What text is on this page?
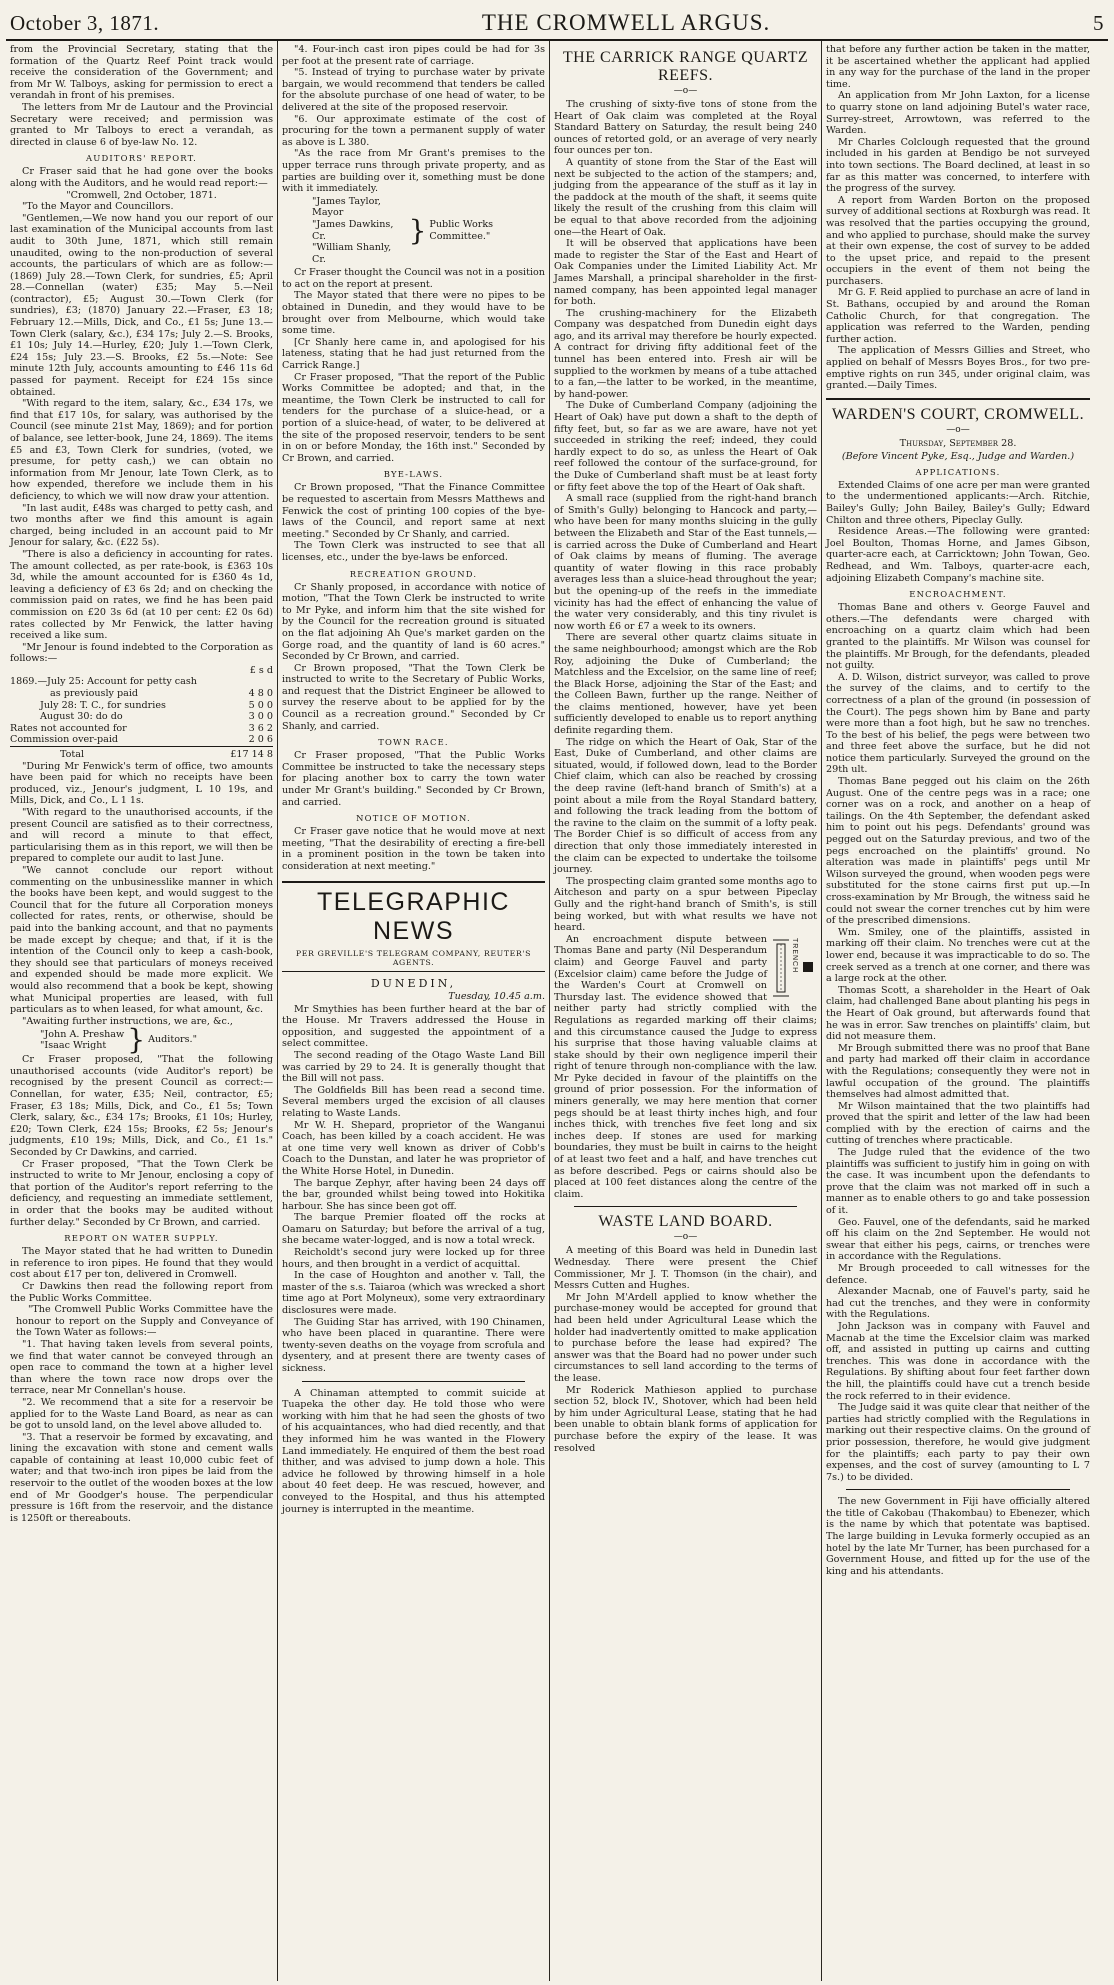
October 3, 1871.	THE CROMWELL ARGUS.	5

from the Provincial Secretary, stating that the formation of the Quartz Reef Point track would receive the consideration of the Government; and from Mr W. Talboys, asking for permission to erect a verandah in front of his premises.

The letters from Mr de Lautour and the Provincial Secretary were received; and permission was granted to Mr Talboys to erect a verandah, as directed in clause 6 of bye-law No. 12.

AUDITORS' REPORT.

Cr Fraser said that he had gone over the books along with the Auditors, and he would read report:—

"Cromwell, 2nd October, 1871.

"To the Mayor and Councillors.

"Gentlemen,—We now hand you our report of our last examination of the Municipal accounts from last audit to 30th June, 1871, which still remain unaudited, owing to the non-production of several accounts, the particulars of which are as follow:—(1869) July 28.—Town Clerk, for sundries, £5; April 28.—Connellan (water) £35; May 5.—Neil (contractor), £5; August 30.—Town Clerk (for sundries), £3; (1870) January 22.—Fraser, £3 18; February 12.—Mills, Dick, and Co., £1 5s; June 13.—Town Clerk (salary, &c.), £34 17s; July 2.—S. Brooks, £1 10s; July 14.—Hurley, £20; July 1.—Town Clerk, £24 15s; July 23.—S. Brooks, £2 5s.—Note: See minute 12th July, accounts amounting to £46 11s 6d passed for payment. Receipt for £24 15s since obtained.

"With regard to the item, salary, &c., £34 17s, we find that £17 10s, for salary, was authorised by the Council (see minute 21st May, 1869); and for portion of balance, see letter-book, June 24, 1869). The items £5 and £3, Town Clerk for sundries, (voted, we presume, for petty cash,) we can obtain no information from Mr Jenour, late Town Clerk, as to how expended, therefore we include them in his deficiency, to which we will now draw your attention.

"In last audit, £48s was charged to petty cash, and two months after we find this amount is again charged, being included in an account paid to Mr Jenour for salary, &c. (£22 5s).

"There is also a deficiency in accounting for rates. The amount collected, as per rate-book, is £363 10s 3d, while the amount accounted for is £360 4s 1d, leaving a deficiency of £3 6s 2d; and on checking the commission paid on rates, we find he has been paid commission on £20 3s 6d (at 10 per cent: £2 0s 6d) rates collected by Mr Fenwick, the latter having received a like sum.

"Mr Jenour is found indebted to the Corporation as follows:—

	£ s d
1869.—July 25: Account for petty cash	
as previously paid	4 8 0
July 28: T. C., for sundries	5 0 0
August 30: do do	3 0 0
Rates not accounted for	3 6 2
Commission over-paid	2 0 6
Total	£17 14 8

"During Mr Fenwick's term of office, two amounts have been paid for which no receipts have been produced, viz., Jenour's judgment, L 10 19s, and Mills, Dick, and Co., L 1 1s.

"With regard to the unauthorised accounts, if the present Council are satisfied as to their correctness, and will record a minute to that effect, particularising them as in this report, we will then be prepared to complete our audit to last June.

"We cannot conclude our report without commenting on the unbusinesslike manner in which the books have been kept, and would suggest to the Council that for the future all Corporation moneys collected for rates, rents, or otherwise, should be paid into the banking account, and that no payments be made except by cheque; and that, if it is the intention of the Council only to keep a cash-book, they should see that particulars of moneys received and expended should be made more explicit. We would also recommend that a book be kept, showing what Municipal properties are leased, with full particulars as to when leased, for what amount, &c.

"Awaiting further instructions, we are, &c.,

"John A. Preshaw
"Isaac Wright } Auditors."

Cr Fraser proposed, "That the following unauthorised accounts (vide Auditor's report) be recognised by the present Council as correct:—Connellan, for water, £35; Neil, contractor, £5; Fraser, £3 18s; Mills, Dick, and Co., £1 5s; Town Clerk, salary, &c., £34 17s; Brooks, £1 10s; Hurley, £20; Town Clerk, £24 15s; Brooks, £2 5s; Jenour's judgments, £10 19s; Mills, Dick, and Co., £1 1s." Seconded by Cr Dawkins, and carried.

Cr Fraser proposed, "That the Town Clerk be instructed to write to Mr Jenour, enclosing a copy of that portion of the Auditor's report referring to the deficiency, and requesting an immediate settlement, in order that the books may be audited without further delay." Seconded by Cr Brown, and carried.

REPORT ON WATER SUPPLY.

The Mayor stated that he had written to Dunedin in reference to iron pipes. He found that they would cost about £17 per ton, delivered in Cromwell.

Cr Dawkins then read the following report from the Public Works Committee.

"The Cromwell Public Works Committee have the honour to report on the Supply and Conveyance of the Town Water as follows:—

"1. That having taken levels from several points, we find that water cannot be conveyed through an open race to command the town at a higher level than where the town race now drops over the terrace, near Mr Connellan's house.

"2. We recommend that a site for a reservoir be applied for to the Waste Land Board, as near as can be got to unsold land, on the level above alluded to.

"3. That a reservoir be formed by excavating, and lining the excavation with stone and cement walls capable of containing at least 10,000 cubic feet of water; and that two-inch iron pipes be laid from the reservoir to the outlet of the wooden boxes at the low end of Mr Goodger's house. The perpendicular pressure is 16ft from the reservoir, and the distance is 1250ft or thereabouts.

"4. Four-inch cast iron pipes could be had for 3s per foot at the present rate of carriage.

"5. Instead of trying to purchase water by private bargain, we would recommend that tenders be called for the absolute purchase of one head of water, to be delivered at the site of the proposed reservoir.

"6. Our approximate estimate of the cost of procuring for the town a permanent supply of water as above is L 380.

"As the race from Mr Grant's premises to the upper terrace runs through private property, and as parties are building over it, something must be done with it immediately.

"James Taylor, Mayor
"James Dawkins, Cr.
"William Shanly, Cr.
} Public Works Committee."

Cr Fraser thought the Council was not in a position to act on the report at present.

The Mayor stated that there were no pipes to be obtained in Dunedin, and they would have to be brought over from Melbourne, which would take some time.

[Cr Shanly here came in, and apologised for his lateness, stating that he had just returned from the Carrick Range.]

Cr Fraser proposed, "That the report of the Public Works Committee be adopted; and that, in the meantime, the Town Clerk be instructed to call for tenders for the purchase of a sluice-head, or a portion of a sluice-head, of water, to be delivered at the site of the proposed reservoir, tenders to be sent in on or before Monday, the 16th inst." Seconded by Cr Brown, and carried.

BYE-LAWS.

Cr Brown proposed, "That the Finance Committee be requested to ascertain from Messrs Matthews and Fenwick the cost of printing 100 copies of the bye-laws of the Council, and report same at next meeting." Seconded by Cr Shanly, and carried.

The Town Clerk was instructed to see that all licenses, etc., under the bye-laws be enforced.

RECREATION GROUND.

Cr Shanly proposed, in accordance with notice of motion, "That the Town Clerk be instructed to write to Mr Pyke, and inform him that the site wished for by the Council for the recreation ground is situated on the flat adjoining Ah Que's market garden on the Gorge road, and the quantity of land is 60 acres." Seconded by Cr Brown, and carried.

Cr Brown proposed, "That the Town Clerk be instructed to write to the Secretary of Public Works, and request that the District Engineer be allowed to survey the reserve about to be applied for by the Council as a recreation ground." Seconded by Cr Shanly, and carried.

TOWN RACE.

Cr Fraser proposed, "That the Public Works Committee be instructed to take the necessary steps for placing another box to carry the town water under Mr Grant's building." Seconded by Cr Brown, and carried.

NOTICE OF MOTION.

Cr Fraser gave notice that he would move at next meeting, "That the desirability of erecting a fire-bell in a prominent position in the town be taken into consideration at next meeting."

TELEGRAPHIC NEWS
PER GREVILLE'S TELEGRAM COMPANY, REUTER'S AGENTS.
DUNEDIN,
Tuesday, 10.45 a.m.

Mr Smythies has been further heard at the bar of the House. Mr Travers addressed the House in opposition, and suggested the appointment of a select committee.

The second reading of the Otago Waste Land Bill was carried by 29 to 24. It is generally thought that the Bill will not pass.

The Goldfields Bill has been read a second time. Several members urged the excision of all clauses relating to Waste Lands.

Mr W. H. Shepard, proprietor of the Wanganui Coach, has been killed by a coach accident. He was at one time very well known as driver of Cobb's Coach to the Dunstan, and later he was proprietor of the White Horse Hotel, in Dunedin.

The barque Zephyr, after having been 24 days off the bar, grounded whilst being towed into Hokitika harbour. She has since been got off.

The barque Premier floated off the rocks at Oamaru on Saturday; but before the arrival of a tug, she became water-logged, and is now a total wreck.

Reicholdt's second jury were locked up for three hours, and then brought in a verdict of acquittal.

In the case of Houghton and another v. Tall, the master of the s.s. Taiaroa (which was wrecked a short time ago at Port Molyneux), some very extraordinary disclosures were made.

The Guiding Star has arrived, with 190 Chinamen, who have been placed in quarantine. There were twenty-seven deaths on the voyage from scrofula and dysentery, and at present there are twenty cases of sickness.

A Chinaman attempted to commit suicide at Tuapeka the other day. He told those who were working with him that he had seen the ghosts of two of his acquaintances, who had died recently, and that they informed him he was wanted in the Flowery Land immediately. He enquired of them the best road thither, and was advised to jump down a hole. This advice he followed by throwing himself in a hole about 40 feet deep. He was rescued, however, and conveyed to the Hospital, and thus his attempted journey is interrupted in the meantime.

THE CARRICK RANGE QUARTZ REEFS.
—o—

The crushing of sixty-five tons of stone from the Heart of Oak claim was completed at the Royal Standard Battery on Saturday, the result being 240 ounces of retorted gold, or an average of very nearly four ounces per ton.

A quantity of stone from the Star of the East will next be subjected to the action of the stampers; and, judging from the appearance of the stuff as it lay in the paddock at the mouth of the shaft, it seems quite likely the result of the crushing from this claim will be equal to that above recorded from the adjoining one—the Heart of Oak.

It will be observed that applications have been made to register the Star of the East and Heart of Oak Companies under the Limited Liability Act. Mr James Marshall, a principal shareholder in the first-named company, has been appointed legal manager for both.

The crushing-machinery for the Elizabeth Company was despatched from Dunedin eight days ago, and its arrival may therefore be hourly expected. A contract for driving fifty additional feet of the tunnel has been entered into. Fresh air will be supplied to the workmen by means of a tube attached to a fan,—the latter to be worked, in the meantime, by hand-power.

The Duke of Cumberland Company (adjoining the Heart of Oak) have put down a shaft to the depth of fifty feet, but, so far as we are aware, have not yet succeeded in striking the reef; indeed, they could hardly expect to do so, as unless the Heart of Oak reef followed the contour of the surface-ground, for the Duke of Cumberland shaft must be at least forty or fifty feet above the top of the Heart of Oak shaft.

A small race (supplied from the right-hand branch of Smith's Gully) belonging to Hancock and party,—who have been for many months sluicing in the gully between the Elizabeth and Star of the East tunnels,—is carried across the Duke of Cumberland and Heart of Oak claims by means of fluming. The average quantity of water flowing in this race probably averages less than a sluice-head throughout the year; but the opening-up of the reefs in the immediate vicinity has had the effect of enhancing the value of the water very considerably, and this tiny rivulet is now worth £6 or £7 a week to its owners.

There are several other quartz claims situate in the same neighbourhood; amongst which are the Rob Roy, adjoining the Duke of Cumberland; the Matchless and the Excelsior, on the same line of reef; the Black Horse, adjoining the Star of the East; and the Colleen Bawn, further up the range. Neither of the claims mentioned, however, have yet been sufficiently developed to enable us to report anything definite regarding them.

The ridge on which the Heart of Oak, Star of the East, Duke of Cumberland, and other claims are situated, would, if followed down, lead to the Border Chief claim, which can also be reached by crossing the deep ravine (left-hand branch of Smith's) at a point about a mile from the Royal Standard battery, and following the track leading from the bottom of the ravine to the claim on the summit of a lofty peak. The Border Chief is so difficult of access from any direction that only those immediately interested in the claim can be expected to undertake the toilsome journey.

The prospecting claim granted some months ago to Aitcheson and party on a spur between Pipeclay Gully and the right-hand branch of Smith's, is still being worked, but with what results we have not heard.

TRENCH

An encroachment dispute between Thomas Bane and party (Nil Desperandum claim) and George Fauvel and party (Excelsior claim) came before the Judge of the Warden's Court at Cromwell on Thursday last. The evidence showed that neither party had strictly complied with the Regulations as regarded marking off their claims; and this circumstance caused the Judge to express his surprise that those having valuable claims at stake should by their own negligence imperil their right of tenure through non-compliance with the law. Mr Pyke decided in favour of the plaintiffs on the ground of prior possession. For the information of miners generally, we may here mention that corner pegs should be at least thirty inches high, and four inches thick, with trenches five feet long and six inches deep. If stones are used for marking boundaries, they must be built in cairns to the height of at least two feet and a half, and have trenches cut as before described. Pegs or cairns should also be placed at 100 feet distances along the centre of the claim.

WASTE LAND BOARD.
—o—

A meeting of this Board was held in Dunedin last Wednesday. There were present the Chief Commissioner, Mr J. T. Thomson (in the chair), and Messrs Cutten and Hughes.

Mr John M'Ardell applied to know whether the purchase-money would be accepted for ground that had been held under Agricultural Lease which the holder had inadvertently omitted to make application to purchase before the lease had expired? The answer was that the Board had no power under such circumstances to sell land according to the terms of the lease.

Mr Roderick Mathieson applied to purchase section 52, block IV., Shotover, which had been held by him under Agricultural Lease, stating that he had been unable to obtain blank forms of application for purchase before the expiry of the lease. It was resolved

that before any further action be taken in the matter, it be ascertained whether the applicant had applied in any way for the purchase of the land in the proper time.

An application from Mr John Laxton, for a license to quarry stone on land adjoining Butel's water race, Surrey-street, Arrowtown, was referred to the Warden.

Mr Charles Colclough requested that the ground included in his garden at Bendigo be not surveyed into town sections. The Board declined, at least in so far as this matter was concerned, to interfere with the progress of the survey.

A report from Warden Borton on the proposed survey of additional sections at Roxburgh was read. It was resolved that the parties occupying the ground, and who applied to purchase, should make the survey at their own expense, the cost of survey to be added to the upset price, and repaid to the present occupiers in the event of them not being the purchasers.

Mr G. F. Reid applied to purchase an acre of land in St. Bathans, occupied by and around the Roman Catholic Church, for that congregation. The application was referred to the Warden, pending further action.

The application of Messrs Gillies and Street, who applied on behalf of Messrs Boyes Bros., for two pre-emptive rights on run 345, under original claim, was granted.—Daily Times.

WARDEN'S COURT, CROMWELL.
—o—
Thursday, September 28.
(Before Vincent Pyke, Esq., Judge and Warden.)
APPLICATIONS.

Extended Claims of one acre per man were granted to the undermentioned applicants:—Arch. Ritchie, Bailey's Gully; John Bailey, Bailey's Gully; Edward Chilton and three others, Pipeclay Gully.

Residence Areas.—The following were granted: Joel Boulton, Thomas Horne, and James Gibson, quarter-acre each, at Carricktown; John Towan, Geo. Redhead, and Wm. Talboys, quarter-acre each, adjoining Elizabeth Company's machine site.

ENCROACHMENT.

Thomas Bane and others v. George Fauvel and others.—The defendants were charged with encroaching on a quartz claim which had been granted to the plaintiffs. Mr Wilson was counsel for the plaintiffs. Mr Brough, for the defendants, pleaded not guilty.

A. D. Wilson, district surveyor, was called to prove the survey of the claims, and to certify to the correctness of a plan of the ground (in possession of the Court). The pegs shown him by Bane and party were more than a foot high, but he saw no trenches. To the best of his belief, the pegs were between two and three feet above the surface, but he did not notice them particularly. Surveyed the ground on the 29th ult.

Thomas Bane pegged out his claim on the 26th August. One of the centre pegs was in a race; one corner was on a rock, and another on a heap of tailings. On the 4th September, the defendant asked him to point out his pegs. Defendants' ground was pegged out on the Saturday previous, and two of the pegs encroached on the plaintiffs' ground. No alteration was made in plaintiffs' pegs until Mr Wilson surveyed the ground, when wooden pegs were substituted for the stone cairns first put up.—In cross-examination by Mr Brough, the witness said he could not swear the corner trenches cut by him were of the prescribed dimensions.

Wm. Smiley, one of the plaintiffs, assisted in marking off their claim. No trenches were cut at the lower end, because it was impracticable to do so. The creek served as a trench at one corner, and there was a large rock at the other.

Thomas Scott, a shareholder in the Heart of Oak claim, had challenged Bane about planting his pegs in the Heart of Oak ground, but afterwards found that he was in error. Saw trenches on plaintiffs' claim, but did not measure them.

Mr Brough submitted there was no proof that Bane and party had marked off their claim in accordance with the Regulations; consequently they were not in lawful occupation of the ground. The plaintiffs themselves had almost admitted that.

Mr Wilson maintained that the two plaintiffs had proved that the spirit and letter of the law had been complied with by the erection of cairns and the cutting of trenches where practicable.

The Judge ruled that the evidence of the two plaintiffs was sufficient to justify him in going on with the case. It was incumbent upon the defendants to prove that the claim was not marked off in such a manner as to enable others to go and take possession of it.

Geo. Fauvel, one of the defendants, said he marked off his claim on the 2nd September. He would not swear that either his pegs, cairns, or trenches were in accordance with the Regulations.

Mr Brough proceeded to call witnesses for the defence.

Alexander Macnab, one of Fauvel's party, said he had cut the trenches, and they were in conformity with the Regulations.

John Jackson was in company with Fauvel and Macnab at the time the Excelsior claim was marked off, and assisted in putting up cairns and cutting trenches. This was done in accordance with the Regulations. By shifting about four feet farther down the hill, the plaintiffs could have cut a trench beside the rock referred to in their evidence.

The Judge said it was quite clear that neither of the parties had strictly complied with the Regulations in marking out their respective claims. On the ground of prior possession, therefore, he would give judgment for the plaintiffs; each party to pay their own expenses, and the cost of survey (amounting to L 7 7s.) to be divided.

The new Government in Fiji have officially altered the title of Cakobau (Thakombau) to Ebenezer, which is the name by which that potentate was baptised. The large building in Levuka formerly occupied as an hotel by the late Mr Turner, has been purchased for a Government House, and fitted up for the use of the king and his attendants.
